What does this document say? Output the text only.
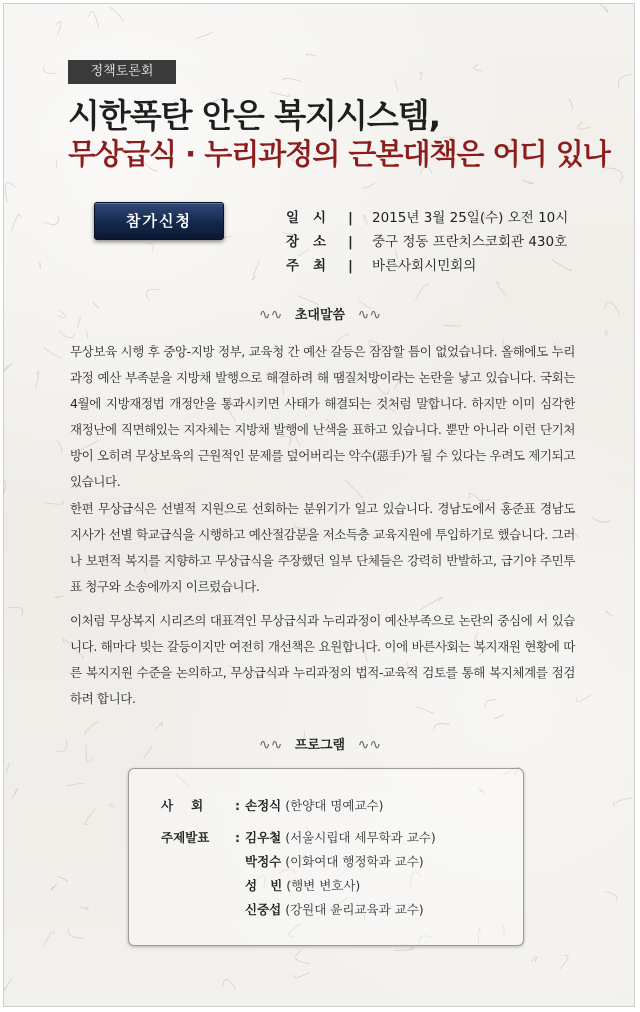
정책토론회
시한폭탄 안은 복지시스템,
무상급식 · 누리과정의 근본대책은 어디 있나
참가신청	일시 | 2015년 3월 25일(수) 오전 10시
장소 | 중구 정동 프란치스코회관 430호
주최 | 바른사회시민회의
∿∿ 초대말씀 ∿∿
무상보육 시행 후 중앙-지방 정부, 교육청 간 예산 갈등은 잠잠할 틈이 없었습니다. 올해에도 누리과정 예산 부족분을 지방채 발행으로 해결하려 해 땜질처방이라는 논란을 낳고 있습니다. 국회는 4월에 지방재정법 개정안을 통과시키면 사태가 해결되는 것처럼 말합니다. 하지만 이미 심각한 재정난에 직면해있는 지자체는 지방채 발행에 난색을 표하고 있습니다. 뿐만 아니라 이런 단기처방이 오히려 무상보육의 근원적인 문제를 덮어버리는 악수(惡手)가 될 수 있다는 우려도 제기되고 있습니다.
한편 무상급식은 선별적 지원으로 선회하는 분위기가 일고 있습니다. 경남도에서 홍준표 경남도지사가 선별 학교급식을 시행하고 예산절감분을 저소득층 교육지원에 투입하기로 했습니다. 그러나 보편적 복지를 지향하고 무상급식을 주장했던 일부 단체들은 강력히 반발하고, 급기야 주민투표 청구와 소송에까지 이르렀습니다.
이처럼 무상복지 시리즈의 대표격인 무상급식과 누리과정이 예산부족으로 논란의 중심에 서 있습니다. 해마다 빚는 갈등이지만 여전히 개선책은 요원합니다. 이에 바른사회는 복지재원 현황에 따른 복지지원 수준을 논의하고, 무상급식과 누리과정의 법적-교육적 검토를 통해 복지체계를 점검하려 합니다.
∿∿ 프로그램 ∿∿
사회	: 손정식 (한양대 명예교수)
주제발표	: 김우철 (서울시립대 세무학과 교수)
박정수 (이화여대 행정학과 교수)
성   빈 (행변 변호사)
신중섭 (강원대 윤리교육과 교수)
